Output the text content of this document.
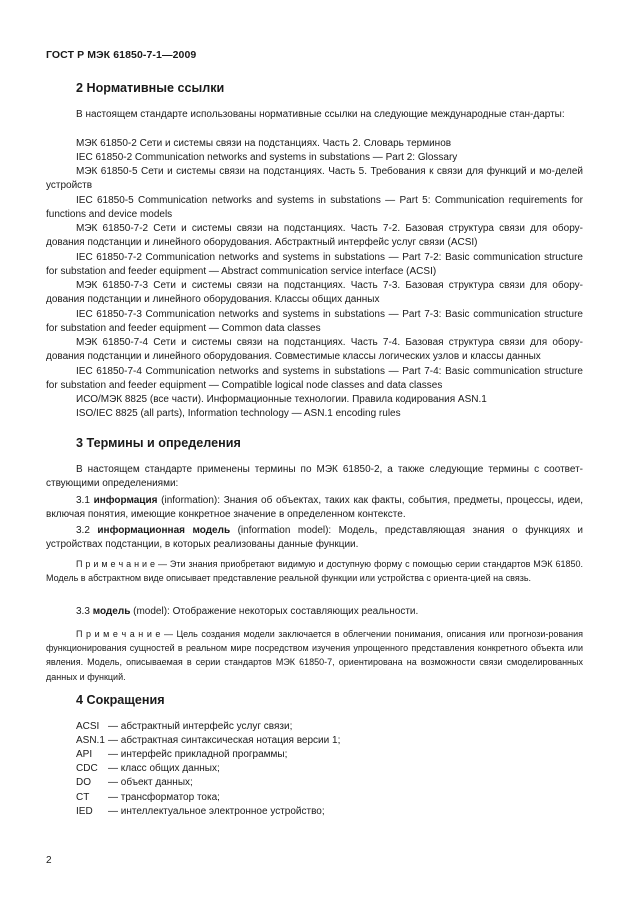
ГОСТ Р МЭК 61850-7-1—2009
2 Нормативные ссылки
В настоящем стандарте использованы нормативные ссылки на следующие международные стан-дарты:
МЭК 61850-2 Сети и системы связи на подстанциях. Часть 2. Словарь терминов
IEC 61850-2 Communication networks and systems in substations — Part 2: Glossary
МЭК 61850-5 Сети и системы связи на подстанциях. Часть 5. Требования к связи для функций и мо-делей устройств
IEC 61850-5 Communication networks and systems in substations — Part 5: Communication requirements for functions and device models
МЭК 61850-7-2 Сети и системы связи на подстанциях. Часть 7-2. Базовая структура связи для обору-дования подстанции и линейного оборудования. Абстрактный интерфейс услуг связи (ACSI)
IEC 61850-7-2 Communication networks and systems in substations — Part 7-2: Basic communication structure for substation and feeder equipment — Abstract communication service interface (ACSI)
МЭК 61850-7-3 Сети и системы связи на подстанциях. Часть 7-3. Базовая структура связи для обору-дования подстанции и линейного оборудования. Классы общих данных
IEC 61850-7-3 Communication networks and systems in substations — Part 7-3: Basic communication structure for substation and feeder equipment — Common data classes
МЭК 61850-7-4 Сети и системы связи на подстанциях. Часть 7-4. Базовая структура связи для обору-дования подстанции и линейного оборудования. Совместимые классы логических узлов и классы данных
IEC 61850-7-4 Communication networks and systems in substations — Part 7-4: Basic communication structure for substation and feeder equipment — Compatible logical node classes and data classes
ИСО/МЭК 8825 (все части). Информационные технологии. Правила кодирования ASN.1
ISO/IEC 8825 (all parts), Information technology — ASN.1 encoding rules
3 Термины и определения
В настоящем стандарте применены термины по МЭК 61850-2, а также следующие термины с соответ-ствующими определениями:
3.1 информация (information): Знания об объектах, таких как факты, события, предметы, процессы, идеи, включая понятия, имеющие конкретное значение в определенном контексте.
3.2 информационная модель (information model): Модель, представляющая знания о функциях и устройствах подстанции, в которых реализованы данные функции.
П р и м е ч а н и е — Эти знания приобретают видимую и доступную форму с помощью серии стандартов МЭК 61850. Модель в абстрактном виде описывает представление реальной функции или устройства с ориента-цией на связь.
3.3 модель (model): Отображение некоторых составляющих реальности.
П р и м е ч а н и е — Цель создания модели заключается в облегчении понимания, описания или прогнози-рования функционирования сущностей в реальном мире посредством изучения упрощенного представления конкретного объекта или явления. Модель, описываемая в серии стандартов МЭК 61850-7, ориентирована на возможности связи смоделированных данных и функций.
4 Сокращения
ACSI — абстрактный интерфейс услуг связи;
ASN.1 — абстрактная синтаксическая нотация версии 1;
API — интерфейс прикладной программы;
CDC — класс общих данных;
DO — объект данных;
CT — трансформатор тока;
IED — интеллектуальное электронное устройство;
2
